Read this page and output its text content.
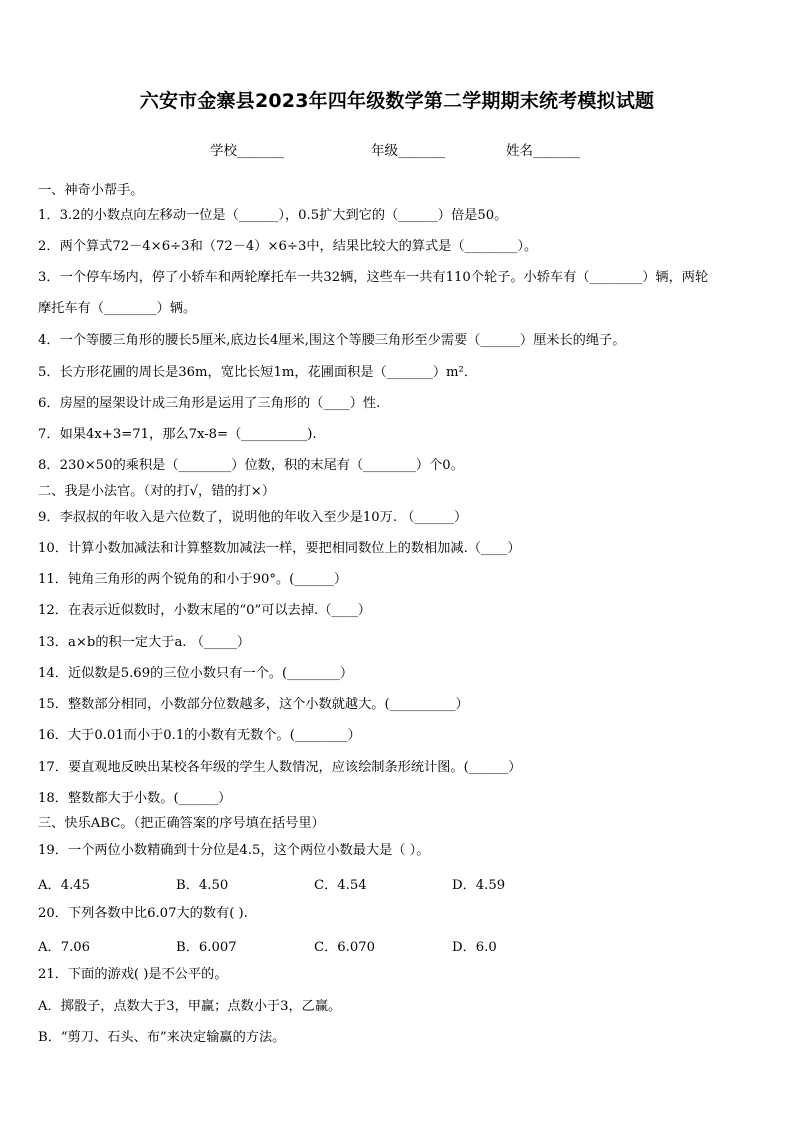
六安市金寨县2023年四年级数学第二学期期末统考模拟试题
学校_______	年级_______	姓名_______
一、神奇小帮手。
1．3.2的小数点向左移动一位是（______），0.5扩大到它的（______）倍是50。
2．两个算式72－4×6÷3和（72－4）×6÷3中，结果比较大的算式是（________）。
3．一个停车场内，停了小轿车和两轮摩托车一共32辆，这些车一共有110个轮子。小轿车有（________）辆，两轮
摩托车有（________）辆。
4．一个等腰三角形的腰长5厘米,底边长4厘米,围这个等腰三角形至少需要（______）厘米长的绳子。
5．长方形花圃的周长是36m，宽比长短1m，花圃面积是（_______）m²．
6．房屋的屋架设计成三角形是运用了三角形的（____）性.
7．如果4x+3=71，那么7x-8=（__________).
8．230×50的乘积是（________）位数，积的末尾有（________）个0。
二、我是小法官。（对的打√，错的打×）
9．李叔叔的年收入是六位数了，说明他的年收入至少是10万. （______）
10．计算小数加减法和计算整数加减法一样，要把相同数位上的数相加减.（____）
11．钝角三角形的两个锐角的和小于90°。(______）
12．在表示近似数时，小数末尾的“0”可以去掉.（____）
13．a×b的积一定大于a. （_____）
14．近似数是5.69的三位小数只有一个。(________）
15．整数部分相同，小数部分位数越多，这个小数就越大。(__________）
16．大于0.01而小于0.1的小数有无数个。(________）
17．要直观地反映出某校各年级的学生人数情况，应该绘制条形统计图。(______）
18．整数都大于小数。(______）
三、快乐ABC。（把正确答案的序号填在括号里）
19．一个两位小数精确到十分位是4.5，这个两位小数最大是（ ）。
A．4.45	B．4.50	C．4.54	D．4.59
20．下列各数中比6.07大的数有( ).
A．7.06	B．6.007	C．6.070	D．6.0
21．下面的游戏( )是不公平的。
A．掷骰子，点数大于3，甲赢；点数小于3，乙赢。
B．“剪刀、石头、布”来决定输赢的方法。
